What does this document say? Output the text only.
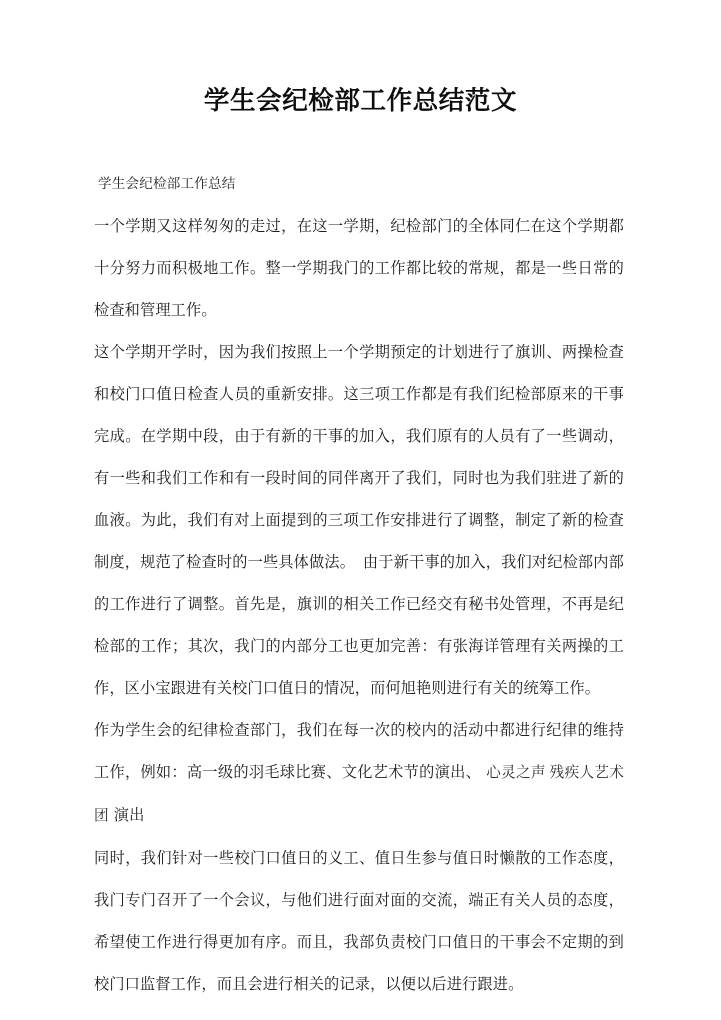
学生会纪检部工作总结范文

学生会纪检部工作总结

一个学期又这样匆匆的走过，在这一学期，纪检部门的全体同仁在这个学期都十分努力而积极地工作。整一学期我门的工作都比较的常规，都是一些日常的检查和管理工作。

这个学期开学时，因为我们按照上一个学期预定的计划进行了旗训、两操检查和校门口值日检查人员的重新安排。这三项工作都是有我们纪检部原来的干事完成。在学期中段，由于有新的干事的加入，我们原有的人员有了一些调动，有一些和我们工作和有一段时间的同伴离开了我们，同时也为我们驻进了新的血液。为此，我们有对上面提到的三项工作安排进行了调整，制定了新的检查制度，规范了检查时的一些具体做法。　由于新干事的加入，我们对纪检部内部的工作进行了调整。首先是，旗训的相关工作已经交有秘书处管理，不再是纪检部的工作；其次，我门的内部分工也更加完善：有张海详管理有关两操的工作，区小宝跟进有关校门口值日的情况，而何旭艳则进行有关的统筹工作。

作为学生会的纪律检查部门，我们在每一次的校内的活动中都进行纪律的维持工作，例如：高一级的羽毛球比赛、文化艺术节的演出、 心灵之声 残疾人艺术团 演出

同时，我们针对一些校门口值日的义工、值日生参与值日时懒散的工作态度，我门专门召开了一个会议，与他们进行面对面的交流，端正有关人员的态度，希望使工作进行得更加有序。而且，我部负责校门口值日的干事会不定期的到校门口监督工作，而且会进行相关的记录，以便以后进行跟进。
